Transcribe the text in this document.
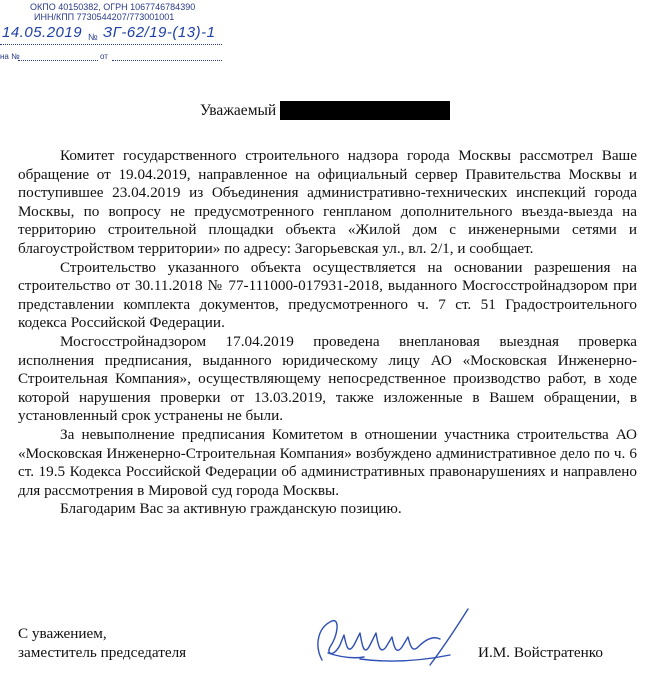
ОКПО 40150382, ОГРН 1067746784390
ИНН/КПП 7730544207/773001001
14.05.2019 № ЗГ-62/19-(13)-1
на №	от
Уважаемый

Комитет государственного строительного надзора города Москвы рассмотрел Ваше обращение от 19.04.2019, направленное на официальный сервер Правительства Москвы и поступившее 23.04.2019 из Объединения административно-технических инспекций города Москвы, по вопросу не предусмотренного генпланом дополнительного въезда-выезда на территорию строительной площадки объекта «Жилой дом с инженерными сетями и благоустройством территории» по адресу: Загорьевская ул., вл. 2/1, и сообщает.

Строительство указанного объекта осуществляется на основании разрешения на строительство от 30.11.2018 № 77-111000-017931-2018, выданного Мосгосстройнадзором при представлении комплекта документов, предусмотренного ч. 7 ст. 51 Градостроительного кодекса Российской Федерации.

Мосгосстройнадзором 17.04.2019 проведена внеплановая выездная проверка исполнения предписания, выданного юридическому лицу АО «Московская Инженерно-Строительная Компания», осуществляющему непосредственное производство работ, в ходе которой нарушения проверки от 13.03.2019, также изложенные в Вашем обращении, в установленный срок устранены не были.

За невыполнение предписания Комитетом в отношении участника строительства АО «Московская Инженерно-Строительная Компания» возбуждено административное дело по ч. 6 ст. 19.5 Кодекса Российской Федерации об административных правонарушениях и направлено для рассмотрения в Мировой суд города Москвы.

Благодарим Вас за активную гражданскую позицию.

С уважением,
заместитель председателя	И.М. Войстратенко
